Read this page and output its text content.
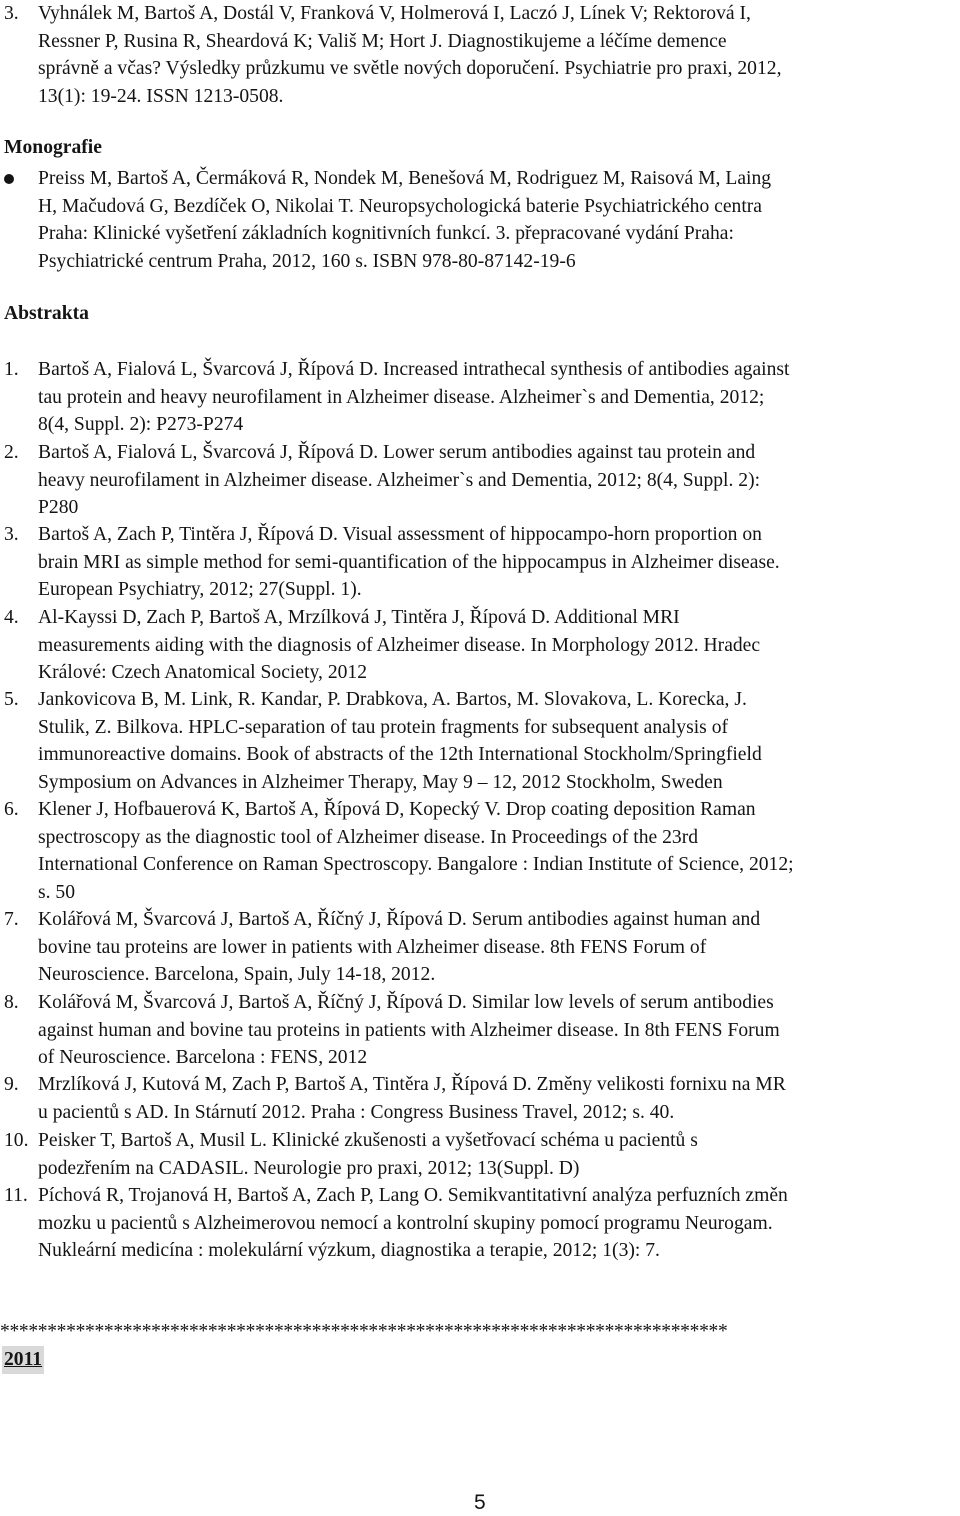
3. Vyhnálek M, Bartoš A, Dostál V, Franková V, Holmerová I, Laczó J, Línek V; Rektorová I,
Ressner P, Rusina R, Sheardová K; Vališ M; Hort J. Diagnostikujeme a léčíme demence
správně a včas? Výsledky průzkumu ve světle nových doporučení. Psychiatrie pro praxi, 2012,
13(1): 19-24. ISSN 1213-0508.
Monografie
Preiss M, Bartoš A, Čermáková R, Nondek M, Benešová M, Rodriguez M, Raisová M, Laing
H, Mačudová G, Bezdíček O, Nikolai T. Neuropsychologická baterie Psychiatrického centra
Praha: Klinické vyšetření základních kognitivních funkcí. 3. přepracované vydání Praha:
Psychiatrické centrum Praha, 2012, 160 s. ISBN 978-80-87142-19-6
Abstrakta
1. Bartoš A, Fialová L, Švarcová J, Řípová D. Increased intrathecal synthesis of antibodies against
tau protein and heavy neurofilament in Alzheimer disease. Alzheimer`s and Dementia, 2012;
8(4, Suppl. 2): P273-P274
2. Bartoš A, Fialová L, Švarcová J, Řípová D. Lower serum antibodies against tau protein and
heavy neurofilament in Alzheimer disease. Alzheimer`s and Dementia, 2012; 8(4, Suppl. 2):
P280
3. Bartoš A, Zach P, Tintěra J, Řípová D. Visual assessment of hippocampo-horn proportion on
brain MRI as simple method for semi-quantification of the hippocampus in Alzheimer disease.
European Psychiatry, 2012; 27(Suppl. 1).
4. Al-Kayssi D, Zach P, Bartoš A, Mrzílková J, Tintěra J, Řípová D. Additional MRI
measurements aiding with the diagnosis of Alzheimer disease. In Morphology 2012. Hradec
Králové: Czech Anatomical Society, 2012
5. Jankovicova B, M. Link, R. Kandar, P. Drabkova, A. Bartos, M. Slovakova, L. Korecka, J.
Stulik, Z. Bilkova. HPLC-separation of tau protein fragments for subsequent analysis of
immunoreactive domains. Book of abstracts of the 12th International Stockholm/Springfield
Symposium on Advances in Alzheimer Therapy, May 9 – 12, 2012 Stockholm, Sweden
6. Klener J, Hofbauerová K, Bartoš A, Řípová D, Kopecký V. Drop coating deposition Raman
spectroscopy as the diagnostic tool of Alzheimer disease. In Proceedings of the 23rd
International Conference on Raman Spectroscopy. Bangalore : Indian Institute of Science, 2012;
s. 50
7. Kolářová M, Švarcová J, Bartoš A, Říčný J, Řípová D. Serum antibodies against human and
bovine tau proteins are lower in patients with Alzheimer disease. 8th FENS Forum of
Neuroscience. Barcelona, Spain, July 14-18, 2012.
8. Kolářová M, Švarcová J, Bartoš A, Říčný J, Řípová D. Similar low levels of serum antibodies
against human and bovine tau proteins in patients with Alzheimer disease. In 8th FENS Forum
of Neuroscience. Barcelona : FENS, 2012
9. Mrzlíková J, Kutová M, Zach P, Bartoš A, Tintěra J, Řípová D. Změny velikosti fornixu na MR
u pacientů s AD. In Stárnutí 2012. Praha : Congress Business Travel, 2012; s. 40.
10. Peisker T, Bartoš A, Musil L. Klinické zkušenosti a vyšetřovací schéma u pacientů s
podezřením na CADASIL. Neurologie pro praxi, 2012; 13(Suppl. D)
11. Píchová R, Trojanová H, Bartoš A, Zach P, Lang O. Semikvantitativní analýza perfuzních změn
mozku u pacientů s Alzheimerovou nemocí a kontrolní skupiny pomocí programu Neurogam.
Nukleární medicína : molekulární výzkum, diagnostika a terapie, 2012; 1(3): 7.
*****************************************************************************
2011
5
